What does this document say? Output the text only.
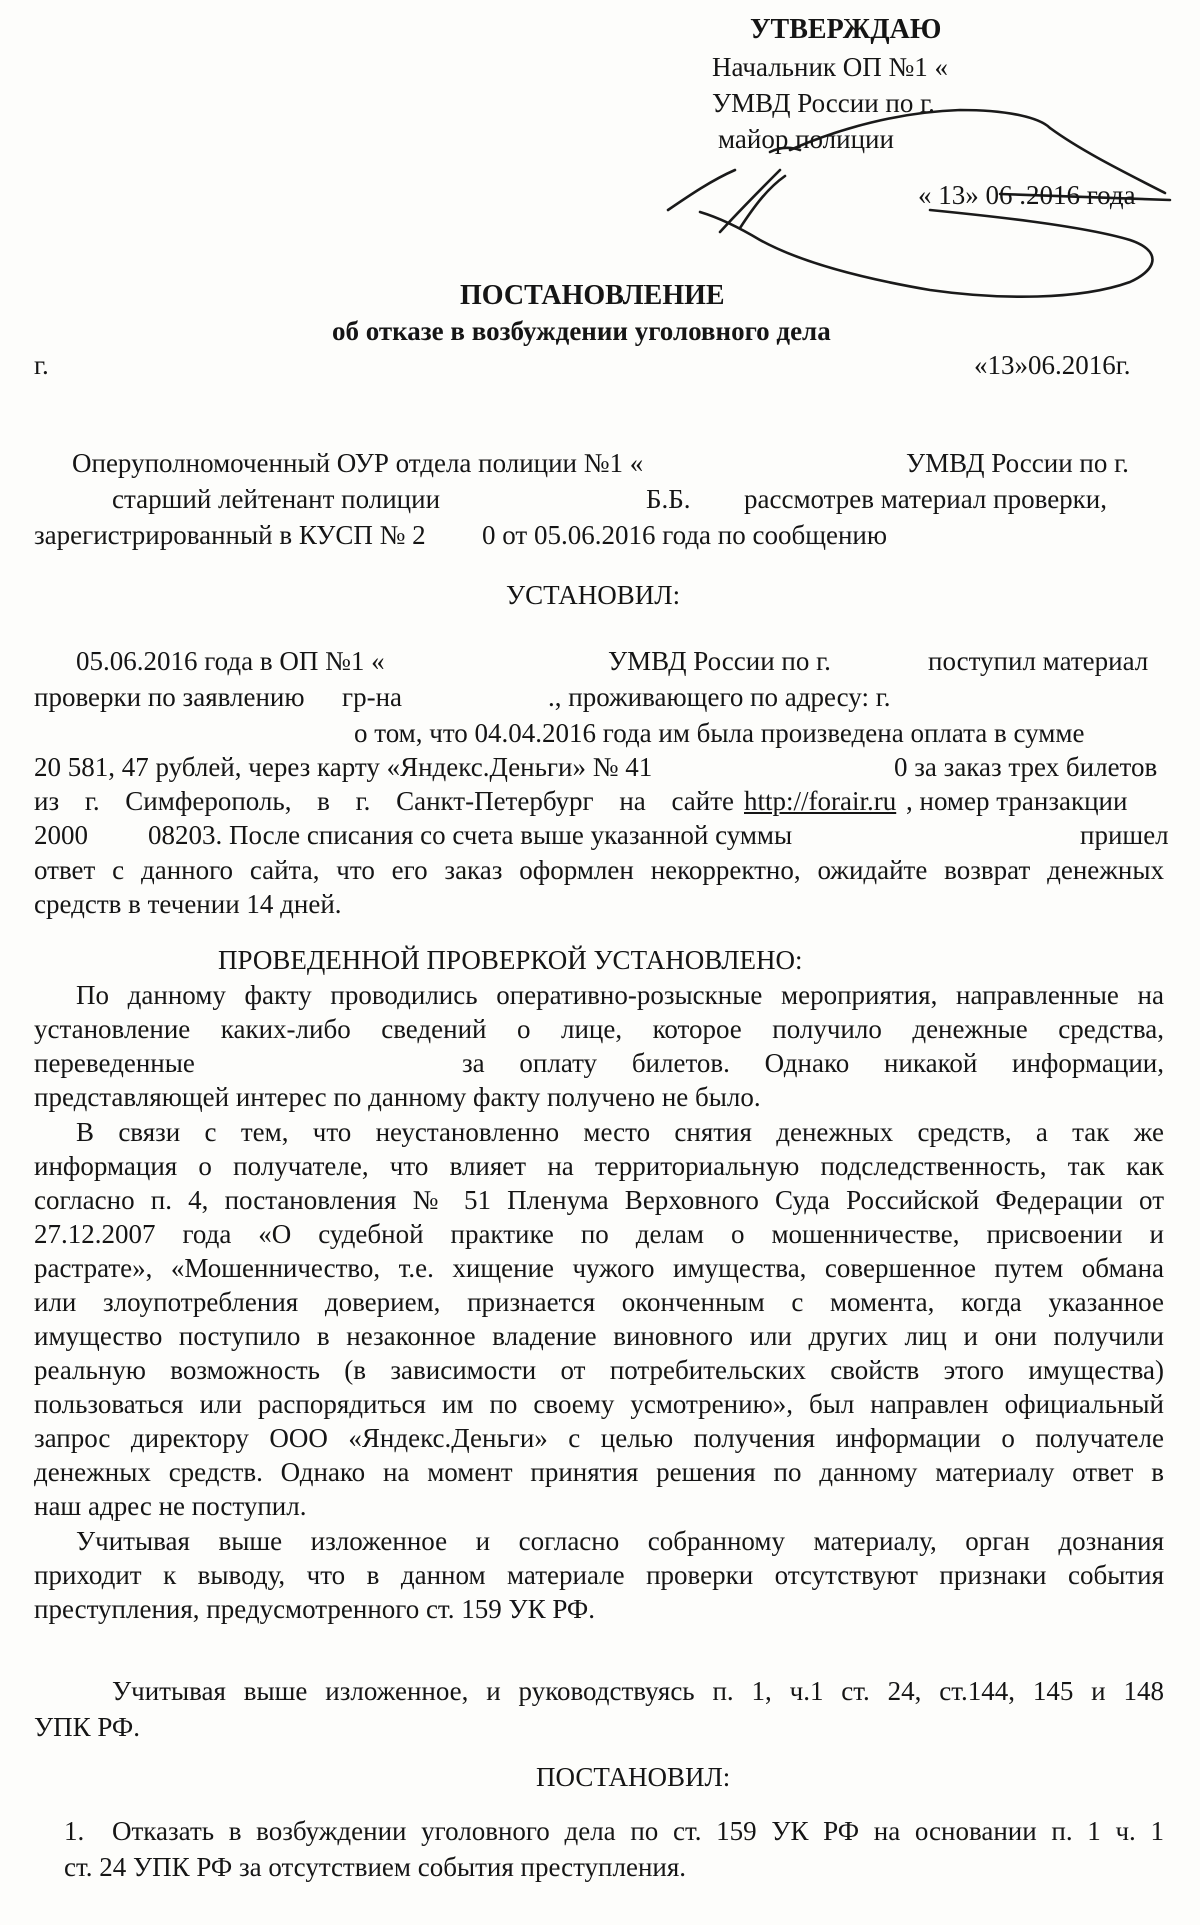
УТВЕРЖДАЮ
Начальник ОП №1 «
УМВД России по г.
майор полиции
« 13» 06 .2016 года
ПОСТАНОВЛЕНИЕ
об отказе в возбуждении уголовного дела
г.	«13»06.2016г.
Оперуполномоченный ОУР отдела полиции №1 «	УМВД России по г.
старший лейтенант полиции	Б.Б. рассмотрев материал проверки,
зарегистрированный в КУСП № 2 0 от 05.06.2016 года по сообщению
УСТАНОВИЛ:
05.06.2016 года в ОП №1 «	УМВД России по г.	поступил материал
проверки по заявлению гр-на	., проживающего по адресу: г.
о том, что 04.04.2016 года им была произведена оплата в сумме
20 581, 47 рублей, через карту «Яндекс.Деньги» № 41	0 за заказ трех билетов
из г. Симферополь, в г. Санкт-Петербург на сайте http://forair.ru , номер транзакции
2000 08203. После списания со счета выше указанной суммы	пришел
ответ с данного сайта, что его заказ оформлен некорректно, ожидайте возврат денежных
средств в течении 14 дней.
ПРОВЕДЕННОЙ ПРОВЕРКОЙ УСТАНОВЛЕНО:
По данному факту проводились оперативно-розыскные мероприятия, направленные на
установление каких-либо сведений о лице, которое получило денежные средства,
переведенные	за оплату билетов. Однако никакой информации,
представляющей интерес по данному факту получено не было.
В связи с тем, что неустановленно место снятия денежных средств, а так же
информация о получателе, что влияет на территориальную подследственность, так как
согласно п. 4, постановления № 51 Пленума Верховного Суда Российской Федерации от
27.12.2007 года «О судебной практике по делам о мошенничестве, присвоении и
растрате», «Мошенничество, т.е. хищение чужого имущества, совершенное путем обмана
или злоупотребления доверием, признается оконченным с момента, когда указанное
имущество поступило в незаконное владение виновного или других лиц и они получили
реальную возможность (в зависимости от потребительских свойств этого имущества)
пользоваться или распорядиться им по своему усмотрению», был направлен официальный
запрос директору ООО «Яндекс.Деньги» с целью получения информации о получателе
денежных средств. Однако на момент принятия решения по данному материалу ответ в
наш адрес не поступил.
Учитывая выше изложенное и согласно собранному материалу, орган дознания
приходит к выводу, что в данном материале проверки отсутствуют признаки события
преступления, предусмотренного ст. 159 УК РФ.
Учитывая выше изложенное, и руководствуясь п. 1, ч.1 ст. 24, ст.144, 145 и 148
УПК РФ.
ПОСТАНОВИЛ:
1. Отказать в возбуждении уголовного дела по ст. 159 УК РФ на основании п. 1 ч. 1
ст. 24 УПК РФ за отсутствием события преступления.
